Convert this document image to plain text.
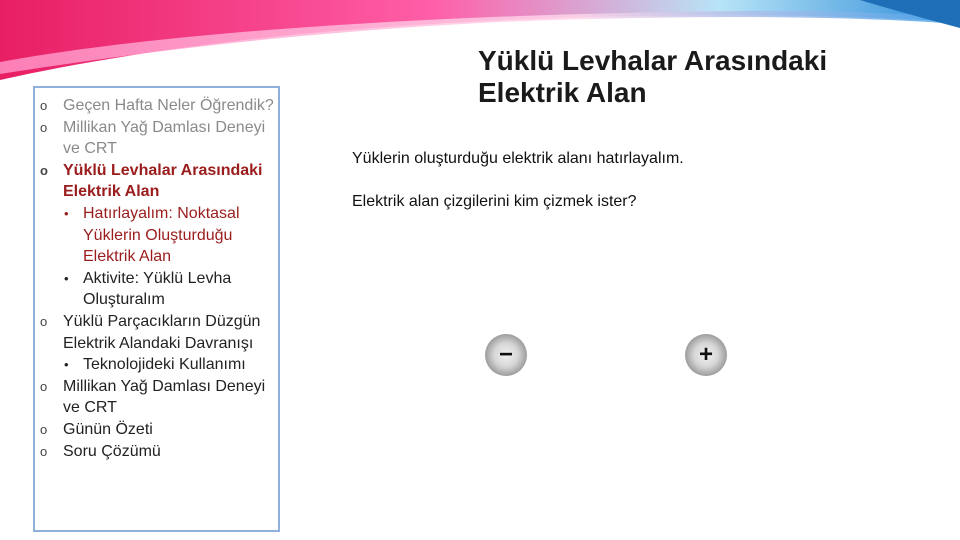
o Geçen Hafta Neler Öğrendik?
o Millikan Yağ Damlası Deneyi ve CRT
o Yüklü Levhalar Arasındaki Elektrik Alan
• Hatırlayalım: Noktasal Yüklerin Oluşturduğu Elektrik Alan
• Aktivite: Yüklü Levha Oluşturalım
o Yüklü Parçacıkların Düzgün Elektrik Alandaki Davranışı
• Teknolojideki Kullanımı
o Millikan Yağ Damlası Deneyi ve CRT
o Günün Özeti
o Soru Çözümü
Yüklü Levhalar Arasındaki
Elektrik Alan
Yüklerin oluşturduğu elektrik alanı hatırlayalım.
Elektrik alan çizgilerini kim çizmek ister?
−	+
